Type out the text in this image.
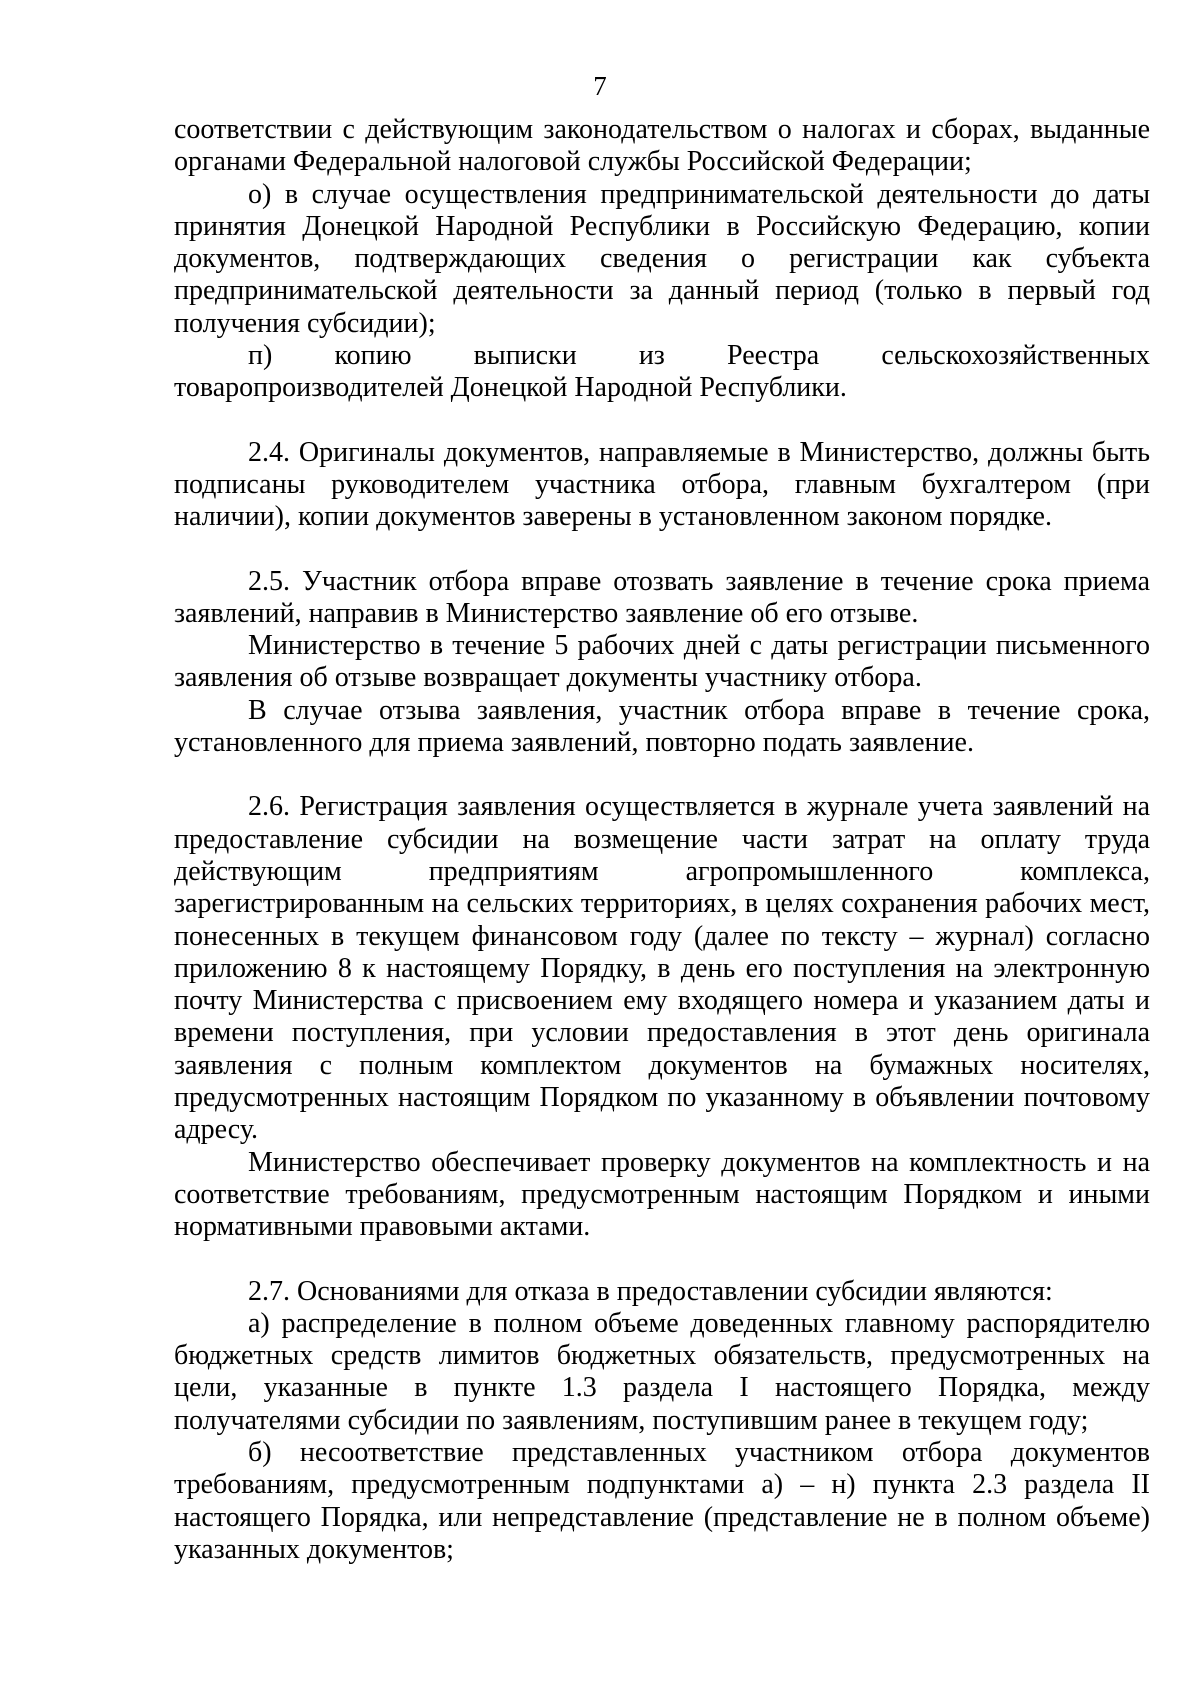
7

соответствии с действующим законодательством о налогах и сборах, выданные органами Федеральной налоговой службы Российской Федерации;

о) в случае осуществления предпринимательской деятельности до даты принятия Донецкой Народной Республики в Российскую Федерацию, копии документов, подтверждающих сведения о регистрации как субъекта предпринимательской деятельности за данный период (только в первый год получения субсидии);

п) копию выписки из Реестра сельскохозяйственных товаропроизводителей Донецкой Народной Республики.

2.4. Оригиналы документов, направляемые в Министерство, должны быть подписаны руководителем участника отбора, главным бухгалтером (при наличии), копии документов заверены в установленном законом порядке.

2.5. Участник отбора вправе отозвать заявление в течение срока приема заявлений, направив в Министерство заявление об его отзыве.

Министерство в течение 5 рабочих дней с даты регистрации письменного заявления об отзыве возвращает документы участнику отбора.

В случае отзыва заявления, участник отбора вправе в течение срока, установленного для приема заявлений, повторно подать заявление.

2.6. Регистрация заявления осуществляется в журнале учета заявлений на предоставление субсидии на возмещение части затрат на оплату труда действующим предприятиям агропромышленного комплекса, зарегистрированным на сельских территориях, в целях сохранения рабочих мест, понесенных в текущем финансовом году (далее по тексту – журнал) согласно приложению 8 к настоящему Порядку, в день его поступления на электронную почту Министерства с присвоением ему входящего номера и указанием даты и времени поступления, при условии предоставления в этот день оригинала заявления с полным комплектом документов на бумажных носителях, предусмотренных настоящим Порядком по указанному в объявлении почтовому адресу.

Министерство обеспечивает проверку документов на комплектность и на соответствие требованиям, предусмотренным настоящим Порядком и иными нормативными правовыми актами.

2.7. Основаниями для отказа в предоставлении субсидии являются:

а) распределение в полном объеме доведенных главному распорядителю бюджетных средств лимитов бюджетных обязательств, предусмотренных на цели, указанные в пункте 1.3 раздела I настоящего Порядка, между получателями субсидии по заявлениям, поступившим ранее в текущем году;

б) несоответствие представленных участником отбора документов требованиям, предусмотренным подпунктами а) – н) пункта 2.3 раздела II настоящего Порядка, или непредставление (представление не в полном объеме) указанных документов;
